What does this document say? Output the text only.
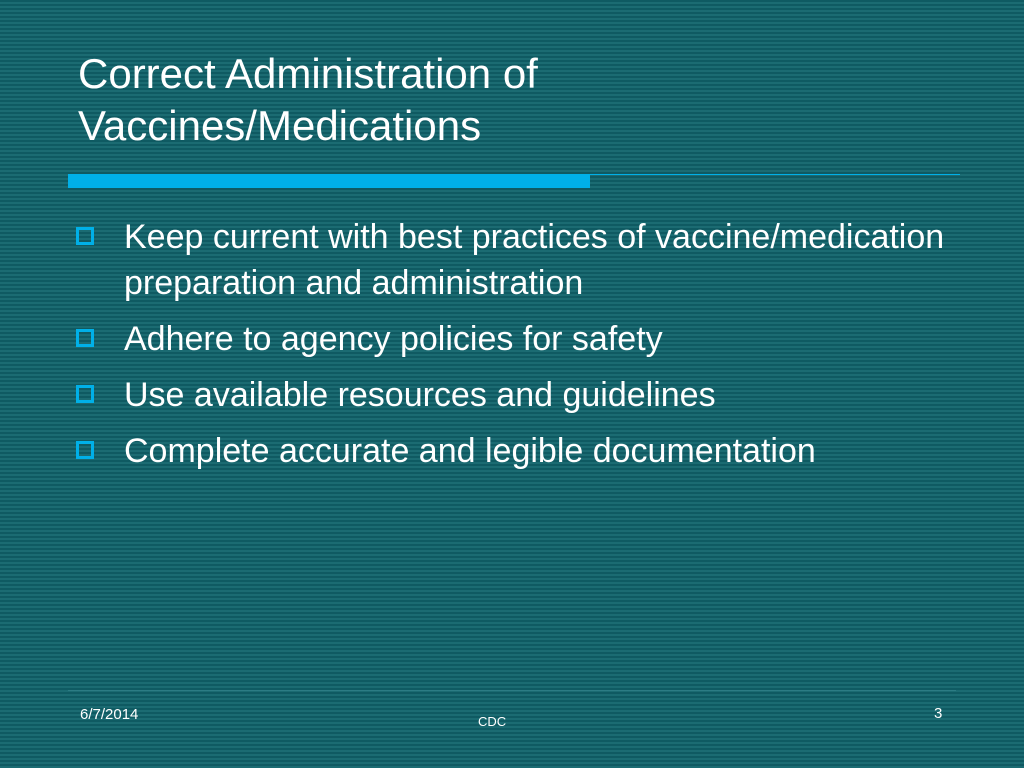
Correct Administration of
Vaccines/Medications
Keep current with best practices of vaccine/medication preparation and administration
Adhere to agency policies for safety
Use available resources and guidelines
Complete accurate and legible documentation
6/7/2014	CDC	3
